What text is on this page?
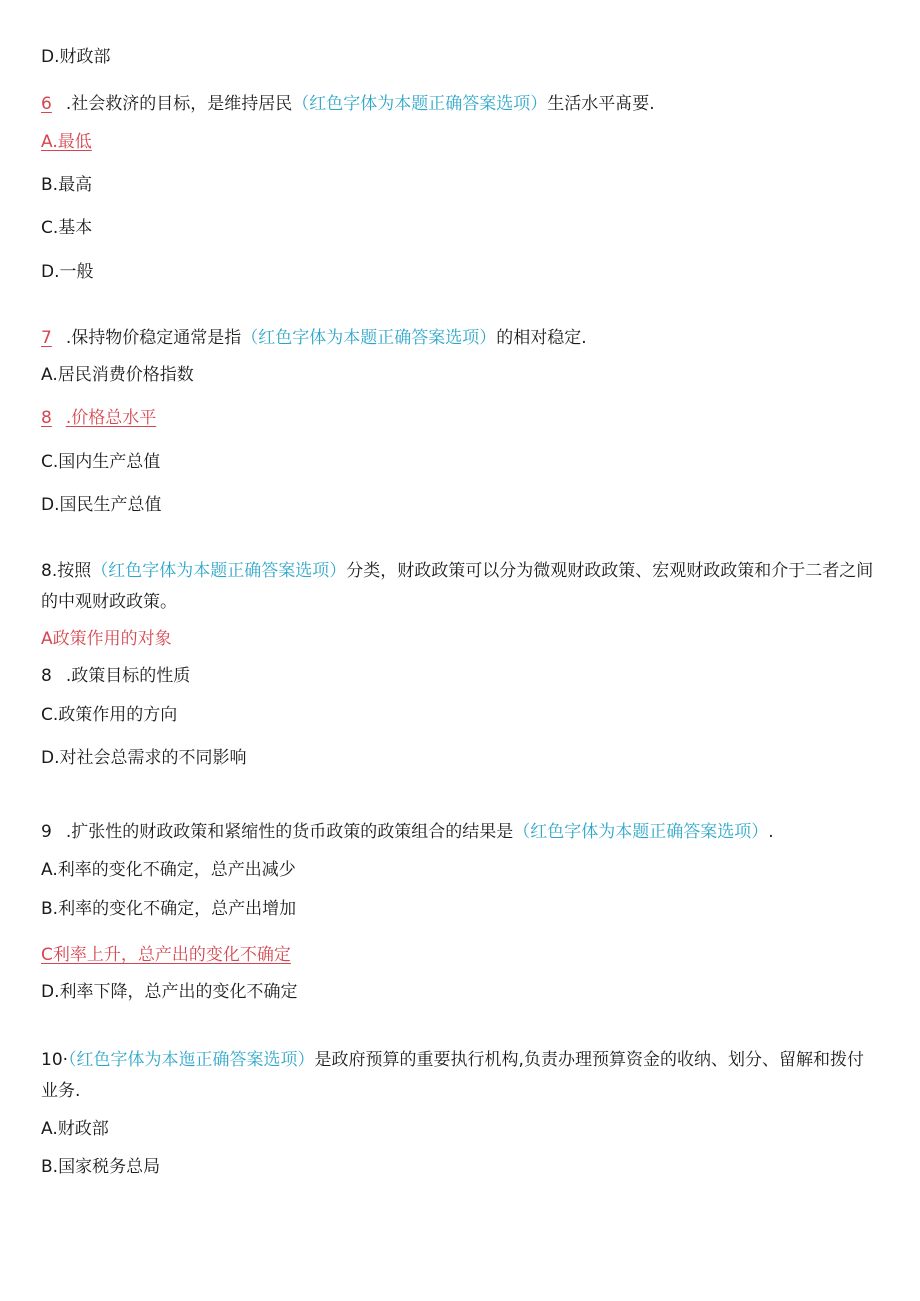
D.财政部
6 .社会救济的目标，是维持居民（红色字体为本题正确答案选项）生活水平髙要.
A.最低
B.最高
C.基本
D.一般
7 .保持物价稳定通常是指（红色字体为本题正确答案选项）的相对稳定.
A.居民消费价格指数
8 .价格总水平
C.国内生产总值
D.国民生产总值
8.按照（红色字体为本题正确答案选项）分类，财政政策可以分为微观财政政策、宏观财政政策和介于二者之间的中观财政政策。
A政策作用的对象
8 .政策目标的性质
C.政策作用的方向
D.对社会总需求的不同影响
9 .扩张性的财政政策和紧缩性的货币政策的政策组合的结果是（红色字体为本题正确答案选项）.
A.利率的变化不确定，总产出减少
B.利率的变化不确定，总产出增加
C利率上升，总产出的变化不确定
D.利率下降，总产出的变化不确定
10·（红色字体为本迤正确答案选项）是政府预算的重要执行机构,负责办理预算资金的收纳、划分、留解和拨付业务.
A.财政部
B.国家税务总局
